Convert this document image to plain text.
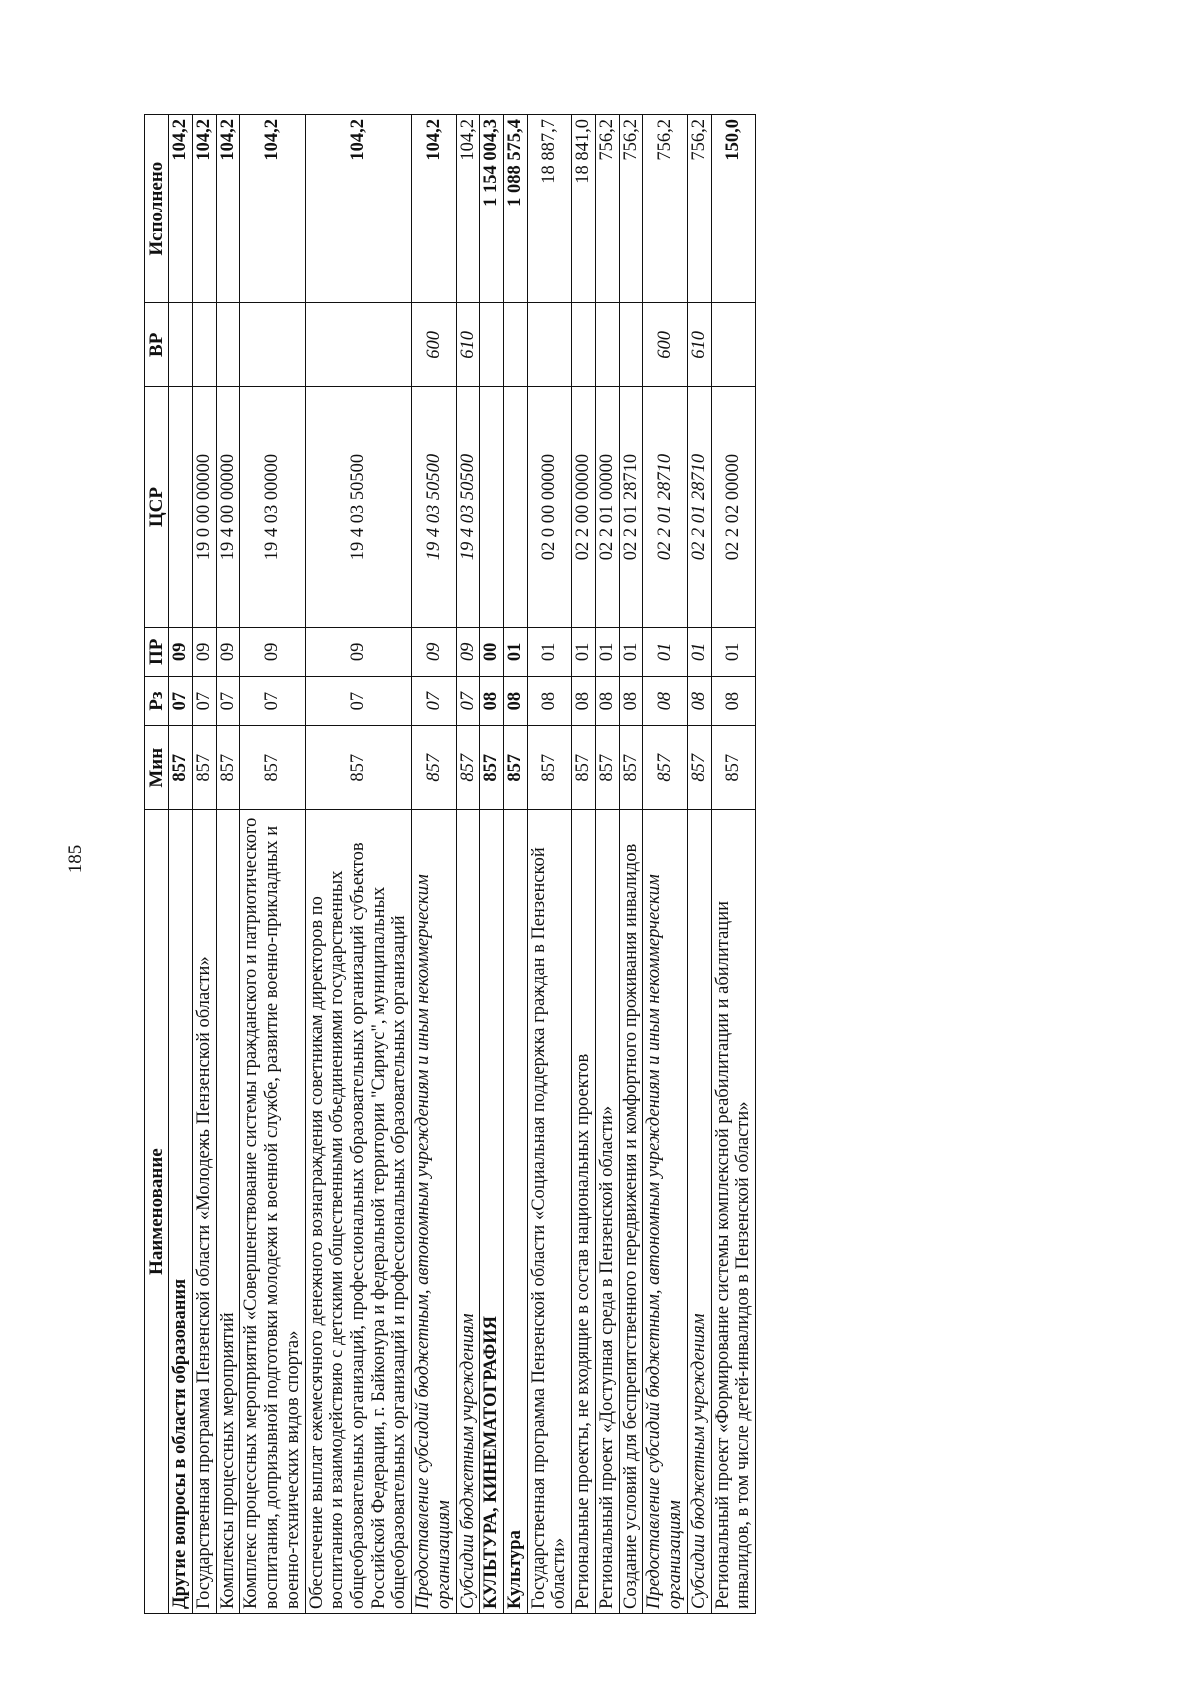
185
Наименование	Мин	Рз	ПР	ЦСР	ВР	Исполнено
Другие вопросы в области образования	857	07	09			104,2
Государственная программа Пензенской области «Молодежь Пензенской области»	857	07	09	19 0 00 00000		104,2
Комплексы процессных мероприятий	857	07	09	19 4 00 00000		104,2
Комплекс процессных мероприятий «Совершенствование системы гражданского и патриотического воспитания, допризывной подготовки молодежи к военной службе, развитие военно-прикладных и военно-технических видов спорта»	857	07	09	19 4 03 00000		104,2
Обеспечение выплат ежемесячного денежного вознаграждения советникам директоров по воспитанию и взаимодействию с детскими общественными объединениями государственных общеобразовательных организаций, профессиональных образовательных организаций субъектов Российской Федерации, г. Байконура и федеральной территории "Сириус", муниципальных общеобразовательных организаций и профессиональных образовательных организаций	857	07	09	19 4 03 50500		104,2
Предоставление субсидий бюджетным, автономным учреждениям и иным некоммерческим организациям	857	07	09	19 4 03 50500	600	104,2
Субсидии бюджетным учреждениям	857	07	09	19 4 03 50500	610	104,2
КУЛЬТУРА, КИНЕМАТОГРАФИЯ	857	08	00			1 154 004,3
Культура	857	08	01			1 088 575,4
Государственная программа Пензенской области «Социальная поддержка граждан в Пензенской области»	857	08	01	02 0 00 00000		18 887,7
Региональные проекты, не входящие в состав национальных проектов	857	08	01	02 2 00 00000		18 841,0
Региональный проект «Доступная среда в Пензенской области»	857	08	01	02 2 01 00000		756,2
Создание условий для беспрепятственного передвижения и комфортного проживания инвалидов	857	08	01	02 2 01 28710		756,2
Предоставление субсидий бюджетным, автономным учреждениям и иным некоммерческим организациям	857	08	01	02 2 01 28710	600	756,2
Субсидии бюджетным учреждениям	857	08	01	02 2 01 28710	610	756,2
Региональный проект «Формирование системы комплексной реабилитации и абилитации инвалидов, в том числе детей-инвалидов в Пензенской области»	857	08	01	02 2 02 00000		150,0
